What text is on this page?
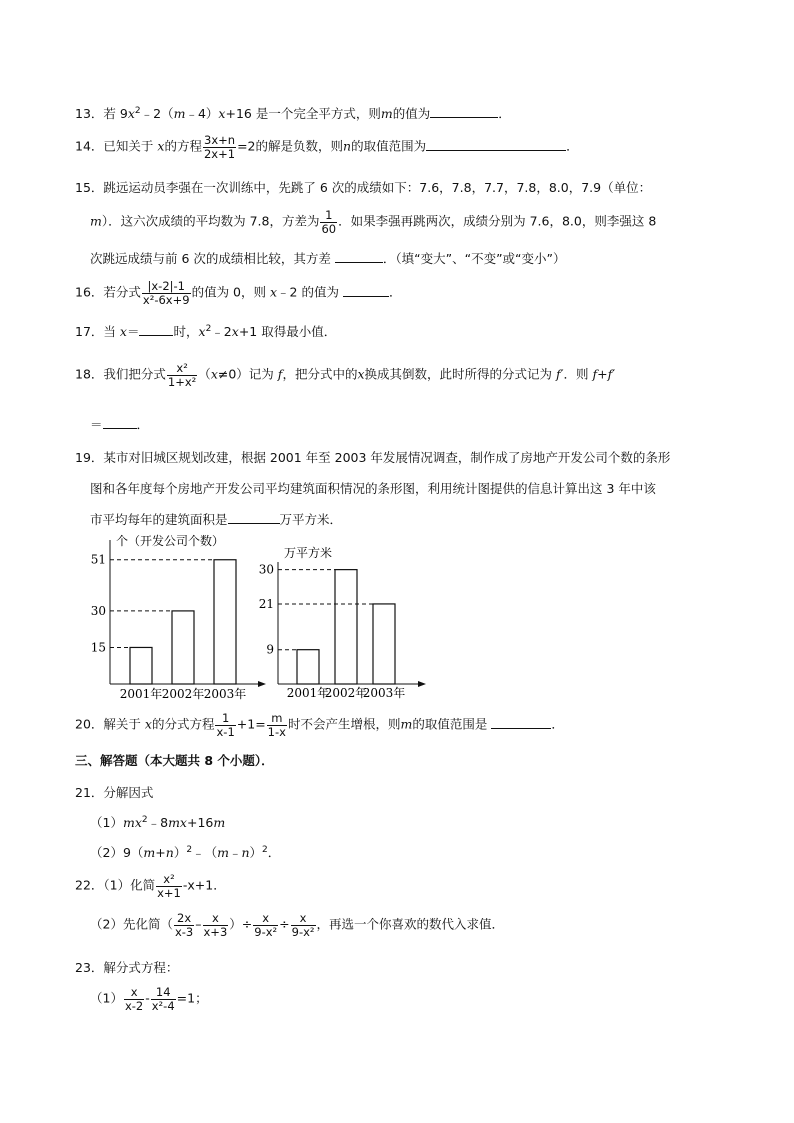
13．若 $9x^2﹣2(m﹣4)x+16$ 是一个完全平方式，则m的值为	．
14．已知关于 x的方程 $\frac{3x+n}{2x+1} =2$的解是负数，则n的取值范围为	．
15．跳远运动员李强在一次训练中，先跳了 6 次的成绩如下：7.6，7.8，7.7，7.8，8.0，7.9（单位：
m）．这六次成绩的平均数为 7.8，方差为 $\frac{1}{60}$ ．如果李强再跳两次，成绩分别为 7.6，8.0，则李强这 8
次跳远成绩与前 6 次的成绩相比较，其方差	．（填“变大”、“不变”或“变小”）
16．若分式 $\frac{|x-2|-1}{\text{x²-6x+9}}$ 的值为 0，则 x﹣2 的值为	．
17．当 x＝	时，$x^2﹣2x+1$ 取得最小值．
18．我们把分式 $\frac{\text{x²}}{\text{1+x²}} (x\ne 0)$记为 f，把分式中的x换成其倒数，此时所得的分式记为 f′．则 f+f′
＝	．
19．某市对旧城区规划改建，根据 2001 年至 2003 年发展情况调查，制作成了房地产开发公司个数的条形
图和各年度每个房地产开发公司平均建筑面积情况的条形图，利用统计图提供的信息计算出这 3 年中该
市平均每年的建筑面积是	万平方米．
个（开发公司个数）
2001年 2002年 2003年
15
30
51	万平方米
2001年
2002年
2003年
9
21
30
20．解关于 x的分式方程 $\frac{1}{x-1} +1= \frac{m}{1-x}$ 时不会产生增根，则m的取值范围是	．
三、解答题（本大题共 8 个小题）．
21．分解因式
$(1)mx^2﹣8mx+16m$
$(2)9(m+n)^2﹣(m﹣n)^2$．
22．（1）化简 $\frac{\text{x²}}{x+1} -x+1$．
（2）先化简（ $\frac{2x}{x-3} - \frac{x}{x+3}$ ）÷ $\frac{x}{\text{9-x²}} \div \frac{x}{\text{9-x²}}$ ，再选一个你喜欢的数代入求值．
23．解分式方程：
$(1) \frac{x}{x-2} - \frac{14}{\text{x²-4}} =1$；
